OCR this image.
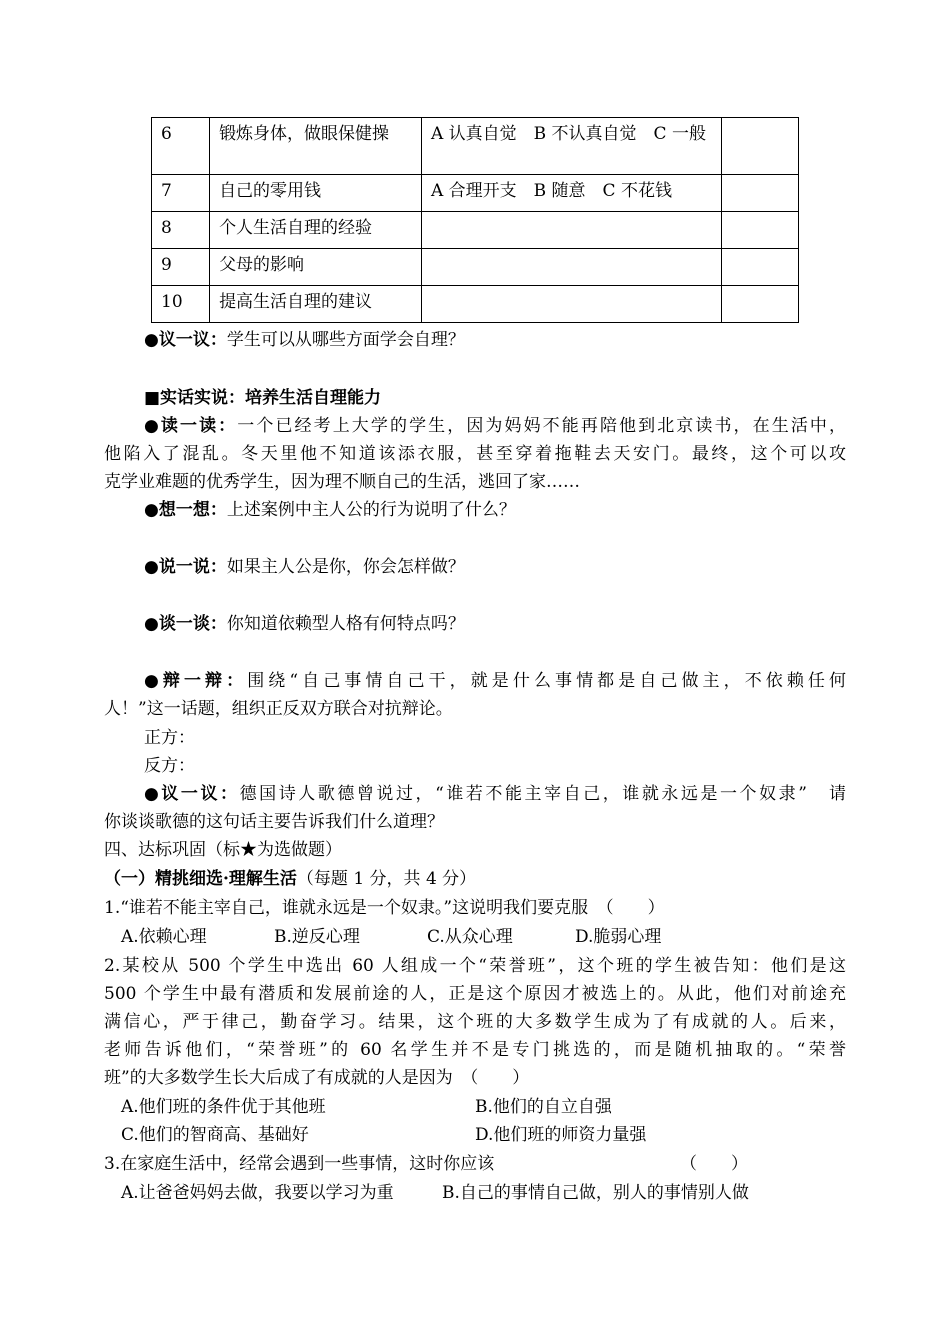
6	锻炼身体，做眼保健操	A 认真自觉　B 不认真自觉　C 一般	
7	自己的零用钱	A 合理开支　B 随意　C 不花钱	
8	个人生活自理的经验		
9	父母的影响		
10	提高生活自理的建议		
●议一议：学生可以从哪些方面学会自理？
■实话实说：培养生活自理能力
●读一读：一个已经考上大学的学生，因为妈妈不能再陪他到北京读书，在生活中，
他陷入了混乱。冬天里他不知道该添衣服，甚至穿着拖鞋去天安门。最终，这个可以攻
克学业难题的优秀学生，因为理不顺自己的生活，逃回了家……
●想一想：上述案例中主人公的行为说明了什么？
●说一说：如果主人公是你，你会怎样做？
●谈一谈：你知道依赖型人格有何特点吗？
●辩一辩：围绕“自己事情自己干，就是什么事情都是自己做主，不依赖任何
人！”这一话题，组织正反双方联合对抗辩论。
正方：
反方：
●议一议：德国诗人歌德曾说过，“谁若不能主宰自己，谁就永远是一个奴隶”　请
你谈谈歌德的这句话主要告诉我们什么道理？
四、达标巩固（标★为选做题）
（一）精挑细选·理解生活（每题 1 分，共 4 分）
1.“谁若不能主宰自己，谁就永远是一个奴隶。”这说明我们要克服　（　　）
A.依赖心理	B.逆反心理	C.从众心理	D.脆弱心理
2.某校从 500 个学生中选出 60 人组成一个“荣誉班”，这个班的学生被告知：他们是这
500 个学生中最有潜质和发展前途的人，正是这个原因才被选上的。从此，他们对前途充
满信心，严于律己，勤奋学习。结果，这个班的大多数学生成为了有成就的人。后来，
老师告诉他们，“荣誉班”的 60 名学生并不是专门挑选的，而是随机抽取的。“荣誉
班”的大多数学生长大后成了有成就的人是因为　（　　）
A.他们班的条件优于其他班	B.他们的自立自强
C.他们的智商高、基础好	D.他们班的师资力量强
3.在家庭生活中，经常会遇到一些事情，这时你应该	（　　）
A.让爸爸妈妈去做，我要以学习为重	B.自己的事情自己做，别人的事情别人做
